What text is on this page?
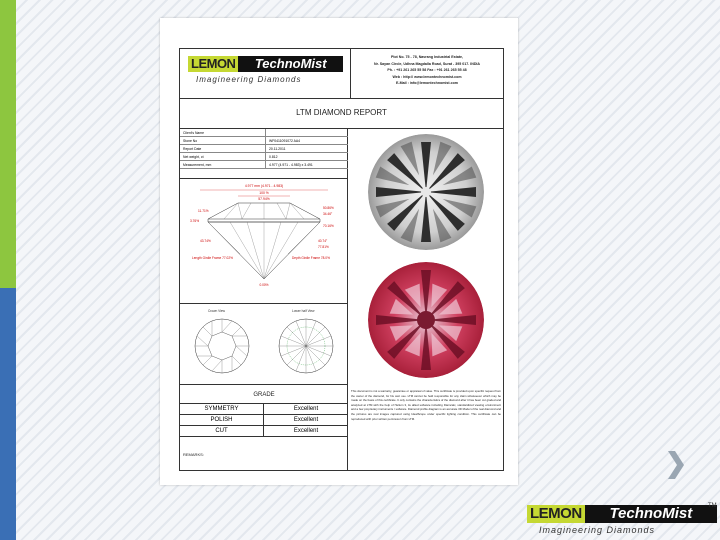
LEMON	TechnoMist
Imagineering Diamonds
Plot No. 75 - 78, Navrang Industrial Estate,
Nr. Sayan Circle, Udhna Magdalla Road, Surat - 395 017. INDIA
Ph. : +91 261 265 55 58 Fax : +91 261 265 55 48
Web : http:// www.lemontechnomist.com
E-Mail : info@lemontechnomist.com
LTM DIAMOND REPORT
Client's Name
Stone No	WF0411091072 AA4
Report Date	20.11.2011
Net weight, ct	0.812
Measurement, mm	4.977 (4.971 - 4.983) x 3.491
4.977 mm (4.971 - 4.983)
100 %
57.94%
11.71%
3.76%
50.86%
34.46°
70.16%
43.74%	40.74°
77.81%
Length Girdle Frame 77.02%	Depth Girdle Frame 78.0%
0.00%
Crown View	Lower half View
GRADE
SYMMETRY	Excellent
POLISH	Excellent
CUT	Excellent
REMARKS:
This document is not a warranty, guarantee or appraisal of value. This certificate is provided upon specific request from the owner of the diamond, for his own use. LTM cannot be held responsible for any claim whatsoever which may be made on the basis of this certificate. It only contains the characteristics of the diamond after it has been cut graded and analyzed at LTM with the help of Helium 3, its allied software including Diamcalc, standardized viewing environment and a few proprietary instruments / software. Diamond profile diagram is an accurate 3D Model of the real diamond and the pictures are real images captured using IdealScope under specific lighting condition. This certificate can be reproduced with prior written permission from LTM.
LEMON	TechnoMist
Imagineering Diamonds
TM
